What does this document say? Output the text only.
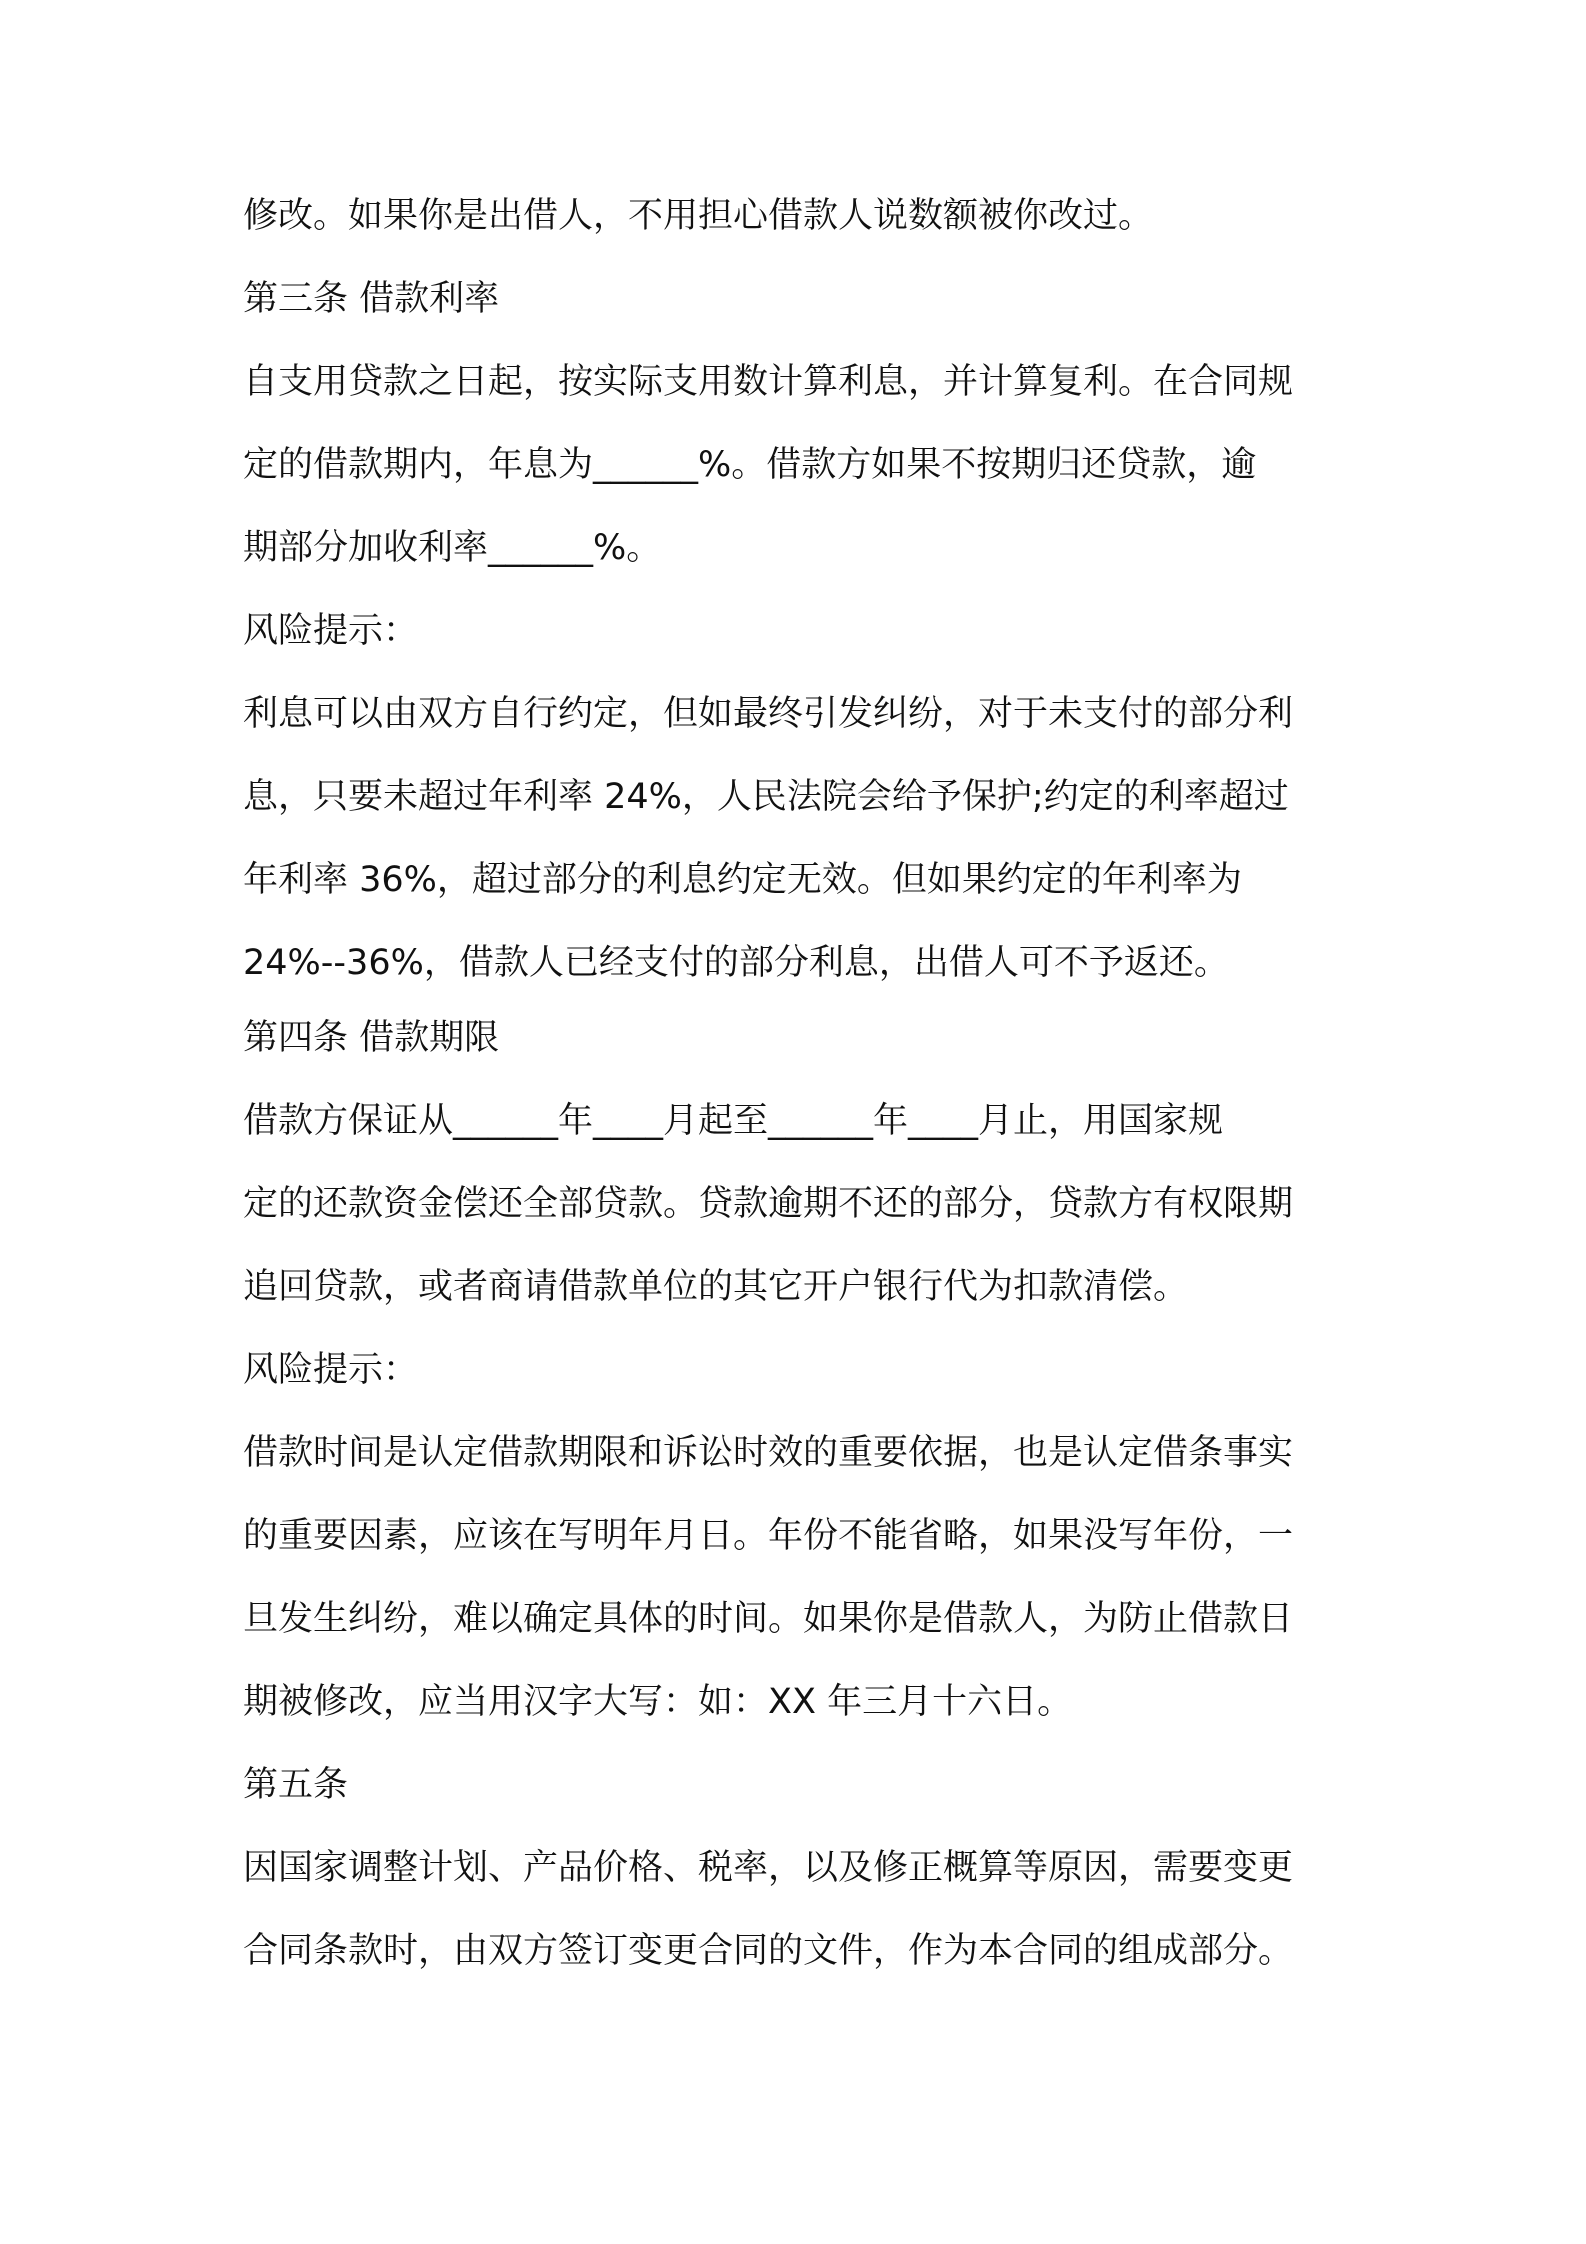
修改。如果你是出借人，不用担心借款人说数额被你改过。
第三条 借款利率
自支用贷款之日起，按实际支用数计算利息，并计算复利。在合同规
定的借款期内，年息为______%。借款方如果不按期归还贷款，逾
期部分加收利率______%。
风险提示：
利息可以由双方自行约定，但如最终引发纠纷，对于未支付的部分利
息，只要未超过年利率 24%，人民法院会给予保护;约定的利率超过
年利率 36%，超过部分的利息约定无效。但如果约定的年利率为
24%--36%，借款人已经支付的部分利息，出借人可不予返还。
第四条 借款期限
借款方保证从______年____月起至______年____月止，用国家规
定的还款资金偿还全部贷款。贷款逾期不还的部分，贷款方有权限期
追回贷款，或者商请借款单位的其它开户银行代为扣款清偿。
风险提示：
借款时间是认定借款期限和诉讼时效的重要依据，也是认定借条事实
的重要因素，应该在写明年月日。年份不能省略，如果没写年份，一
旦发生纠纷，难以确定具体的时间。如果你是借款人，为防止借款日
期被修改，应当用汉字大写：如：XX 年三月十六日。
第五条
因国家调整计划、产品价格、税率，以及修正概算等原因，需要变更
合同条款时，由双方签订变更合同的文件，作为本合同的组成部分。
